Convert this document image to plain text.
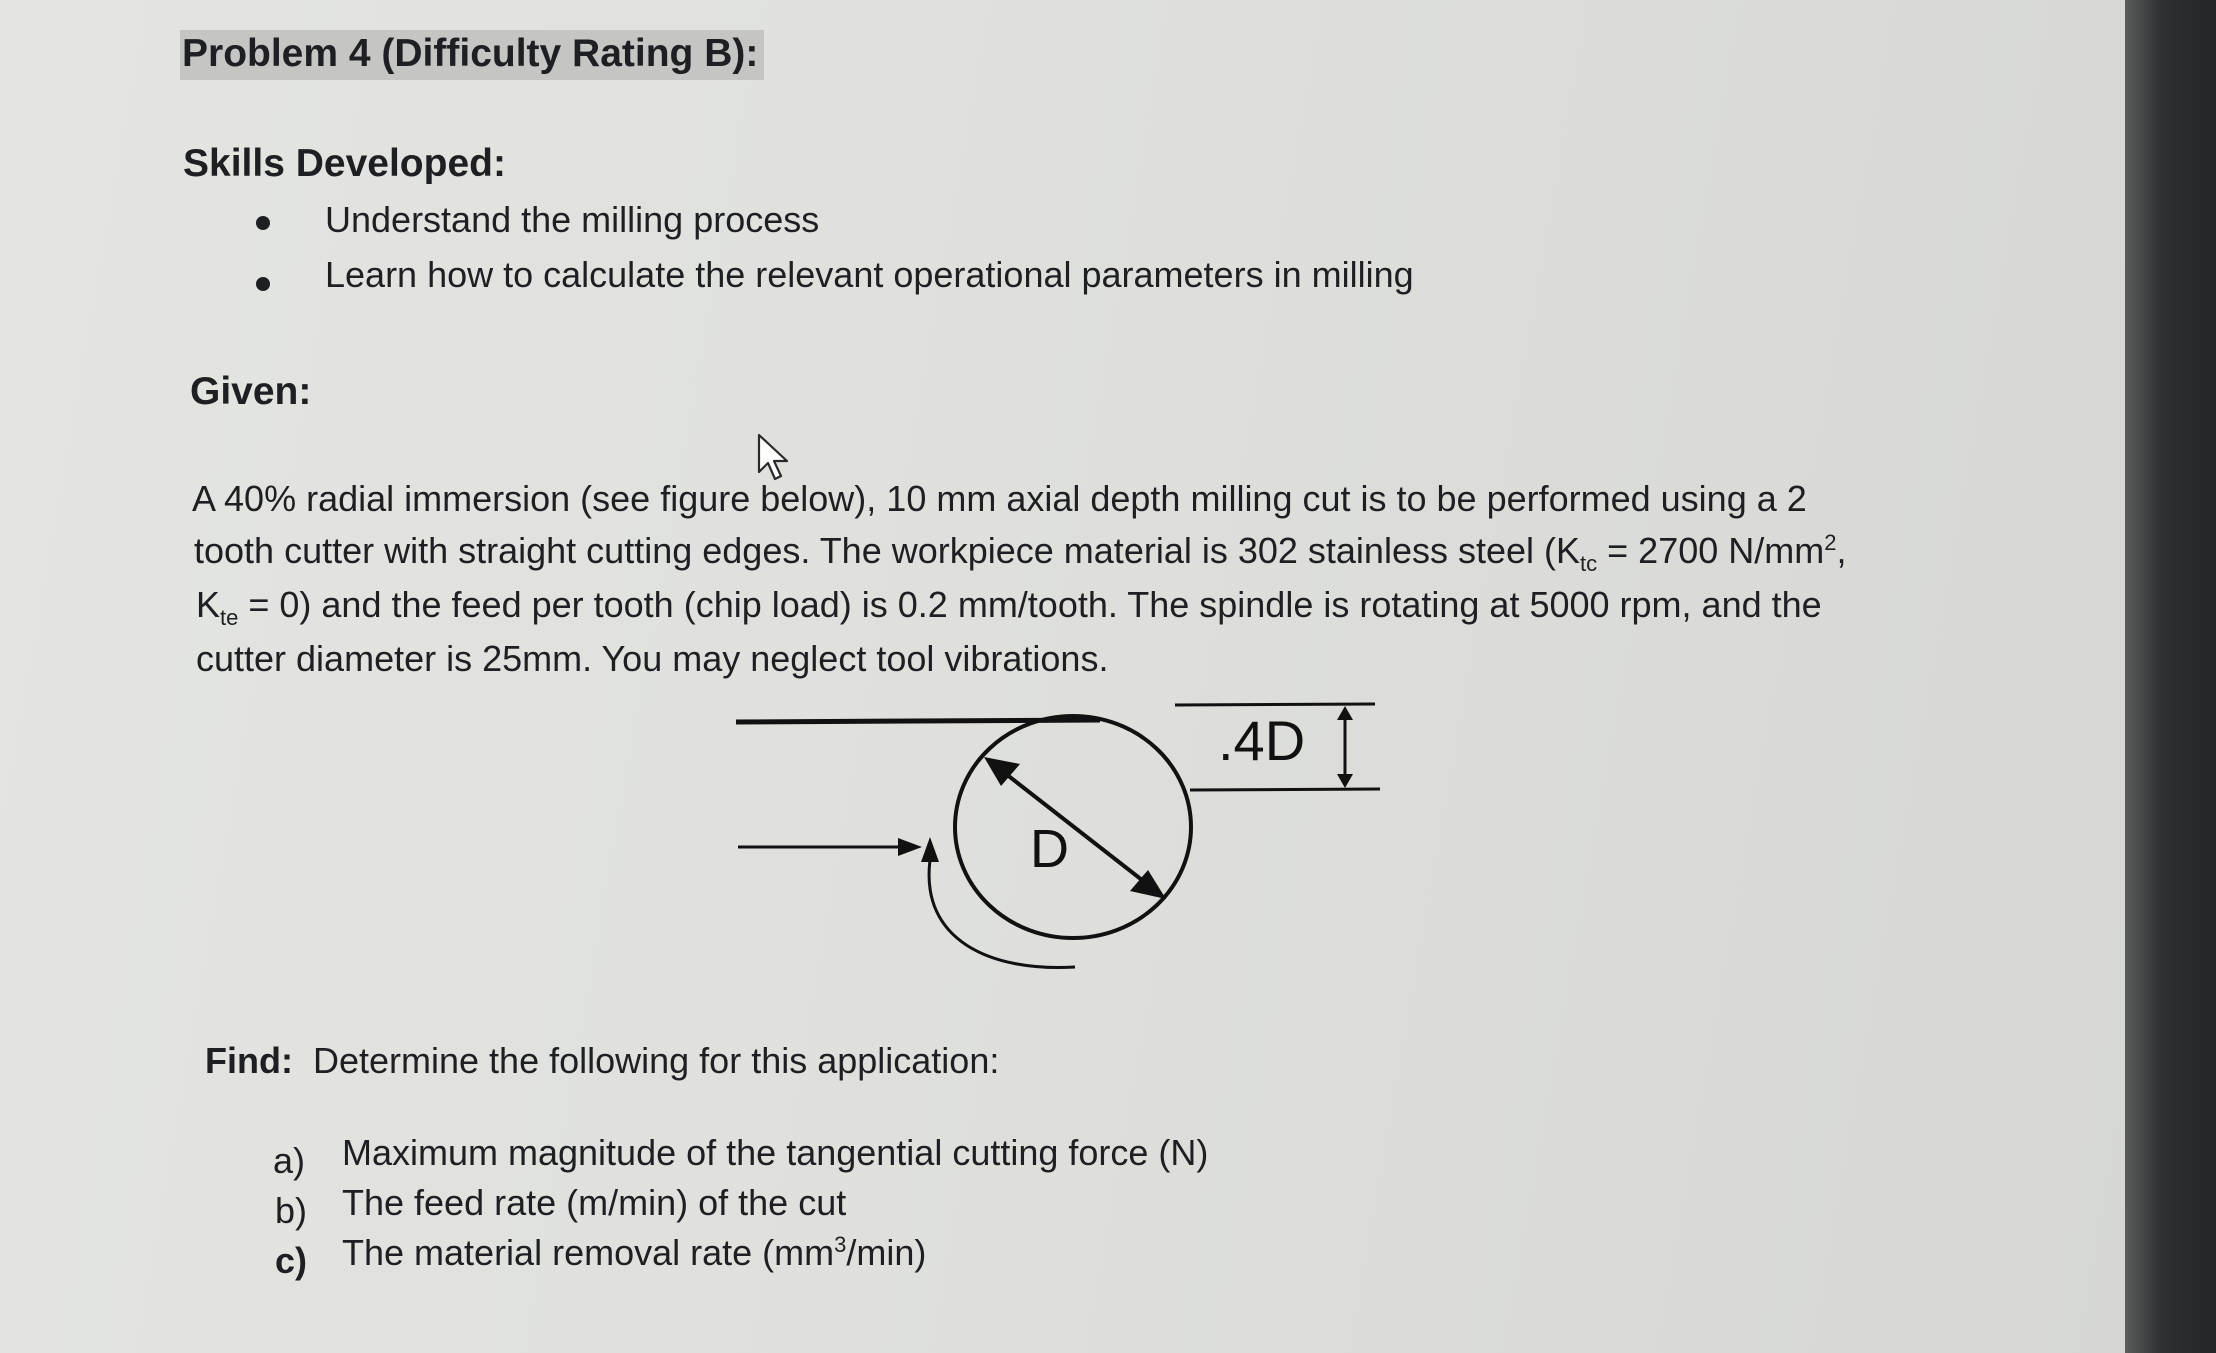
Problem 4 (Difficulty Rating B):
Skills Developed:
Understand the milling process
Learn how to calculate the relevant operational parameters in milling
Given:
A 40% radial immersion (see figure below), 10 mm axial depth milling cut is to be performed using a 2
tooth cutter with straight cutting edges. The workpiece material is 302 stainless steel ($K_{tc} = 2700$ $N/mm^2$,
$K_{te} = 0$) and the feed per tooth (chip load) is 0.2 mm/tooth. The spindle is rotating at 5000 rpm, and the
cutter diameter is 25mm. You may neglect tool vibrations.
.4D
D
Find: Determine the following for this application:
a) Maximum magnitude of the tangential cutting force (N)
b) The feed rate (m/min) of the cut
c) The material removal rate $(mm^3/\min)$
